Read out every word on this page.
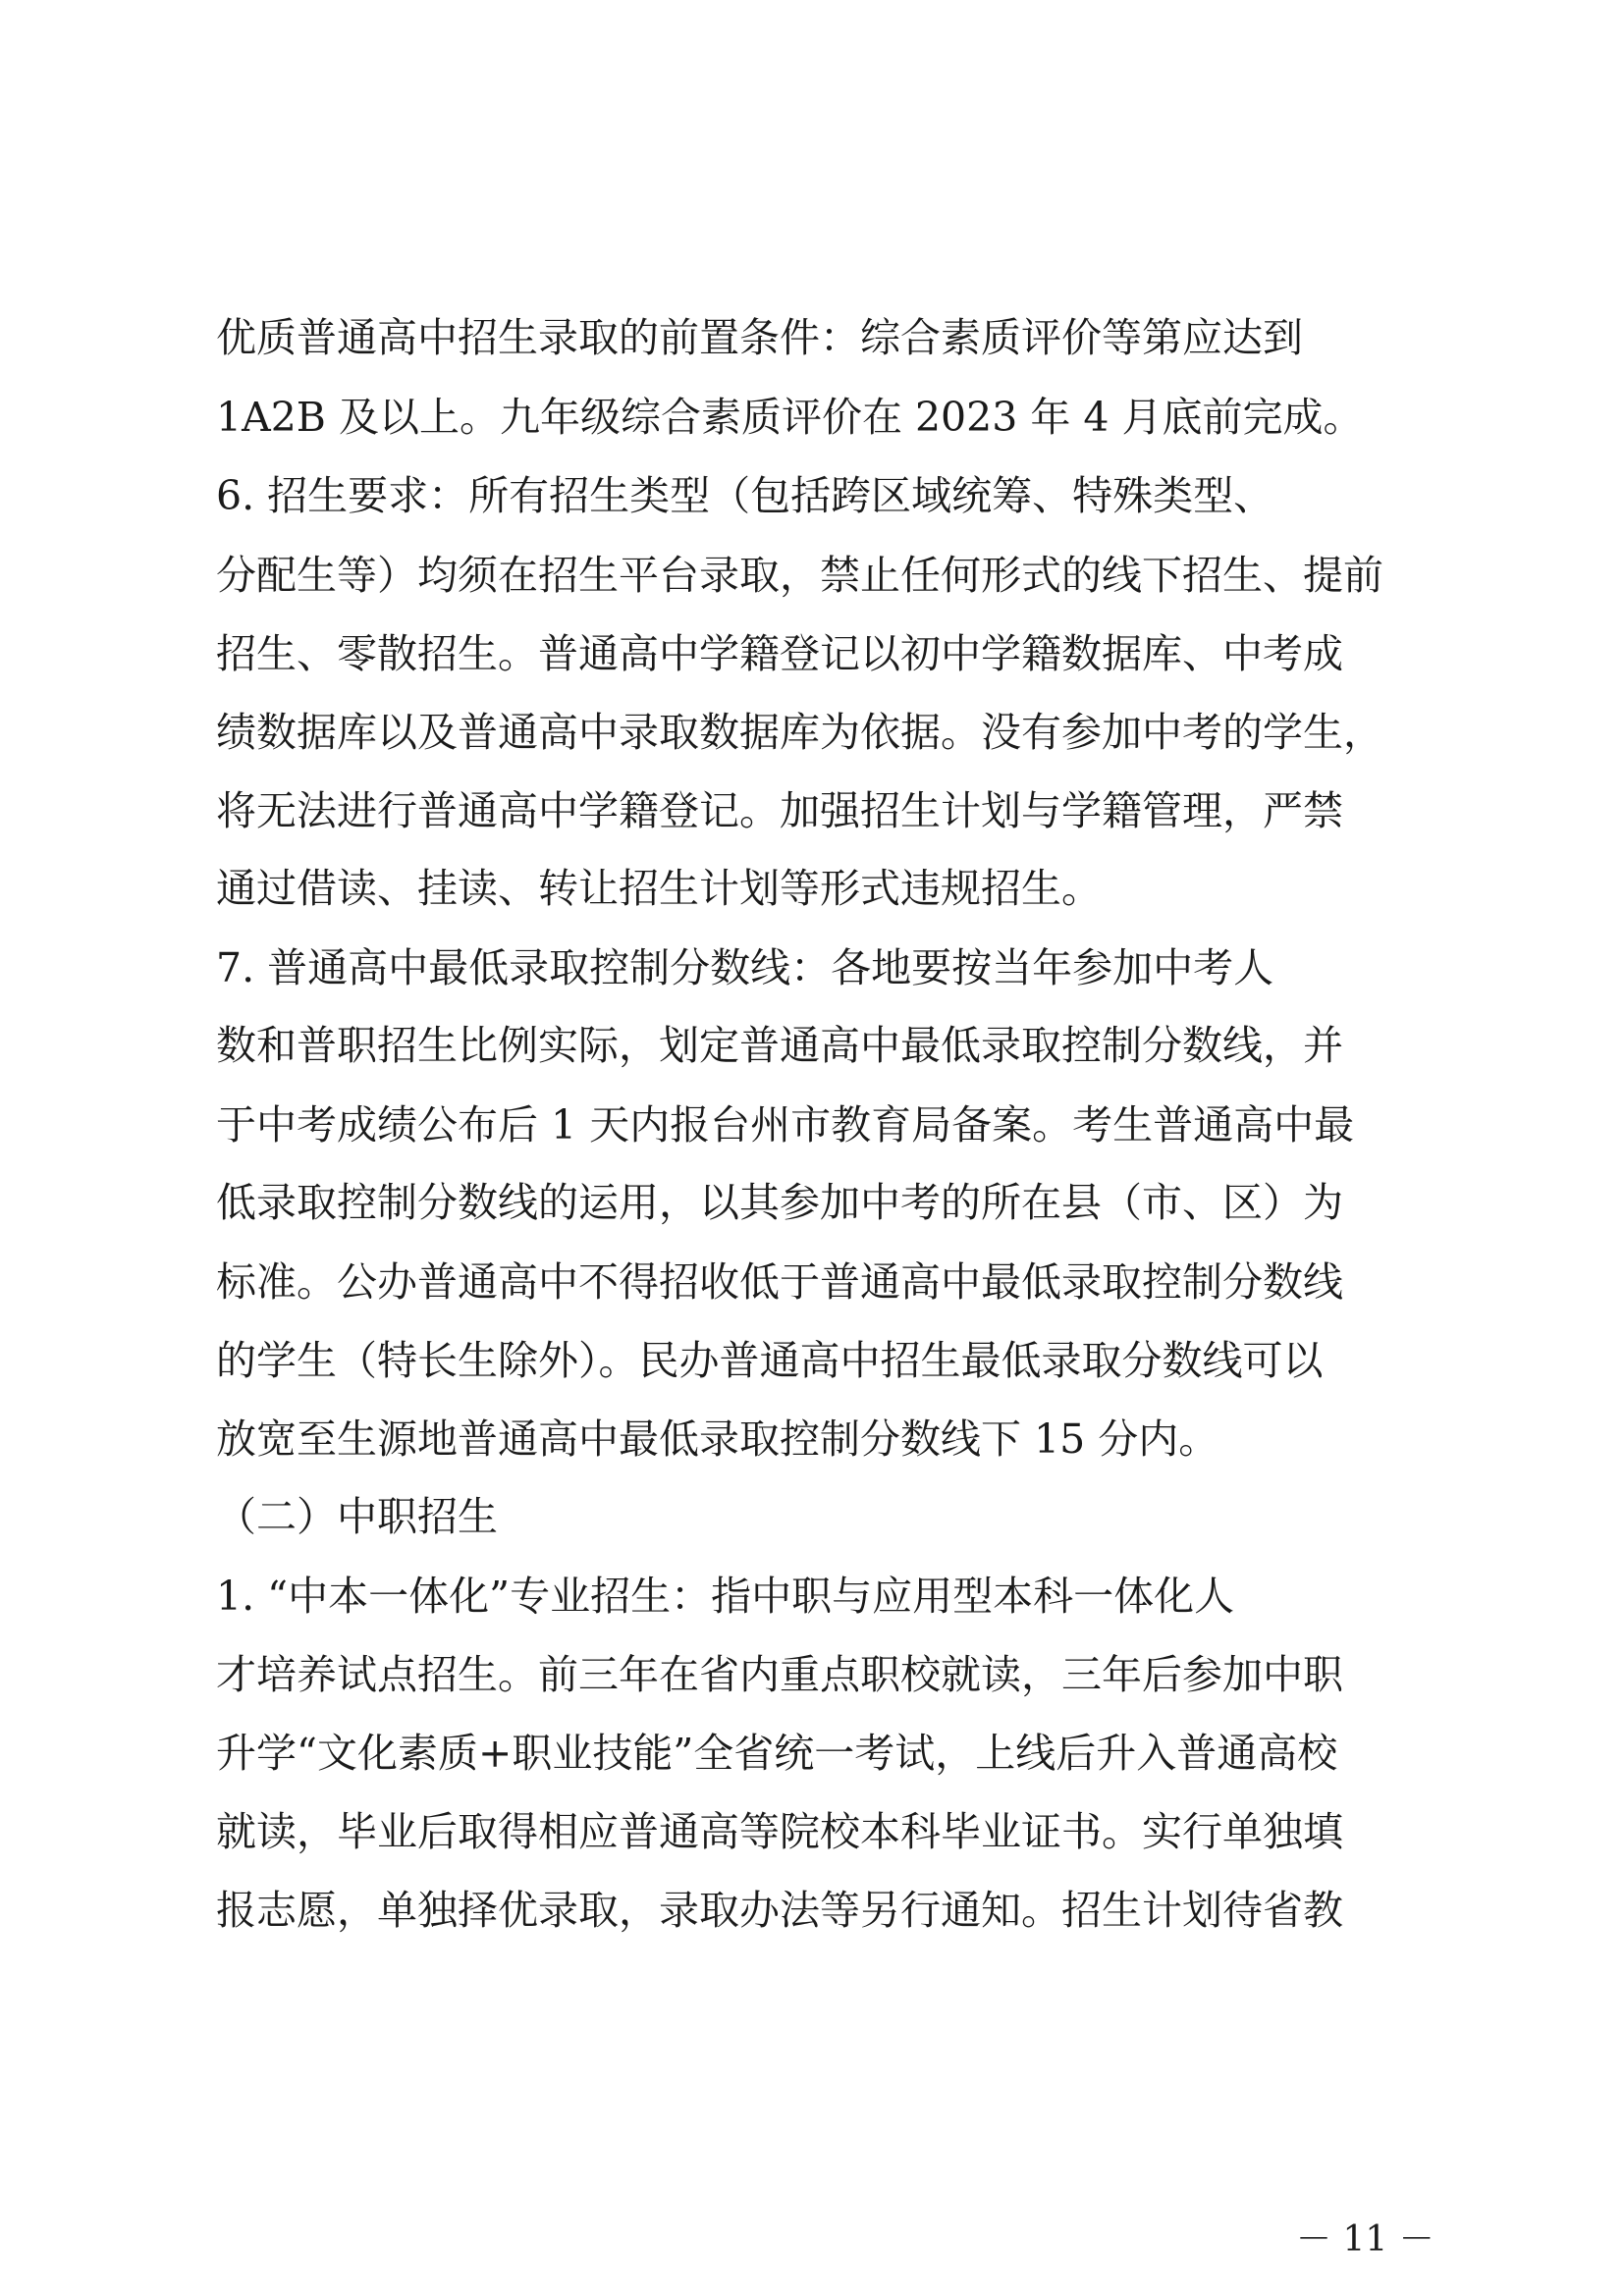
优质普通高中招生录取的前置条件：综合素质评价等第应达到

1A2B 及以上。九年级综合素质评价在 2023 年 4 月底前完成。

6. 招生要求：所有招生类型（包括跨区域统筹、特殊类型、

分配生等）均须在招生平台录取，禁止任何形式的线下招生、提前

招生、零散招生。普通高中学籍登记以初中学籍数据库、中考成

绩数据库以及普通高中录取数据库为依据。没有参加中考的学生，

将无法进行普通高中学籍登记。加强招生计划与学籍管理，严禁

通过借读、挂读、转让招生计划等形式违规招生。

7. 普通高中最低录取控制分数线：各地要按当年参加中考人

数和普职招生比例实际，划定普通高中最低录取控制分数线，并

于中考成绩公布后 1 天内报台州市教育局备案。考生普通高中最

低录取控制分数线的运用，以其参加中考的所在县（市、区）为

标准。公办普通高中不得招收低于普通高中最低录取控制分数线

的学生（特长生除外）。民办普通高中招生最低录取分数线可以

放宽至生源地普通高中最低录取控制分数线下 15 分内。

（二）中职招生

1. “中本一体化”专业招生：指中职与应用型本科一体化人

才培养试点招生。前三年在省内重点职校就读，三年后参加中职

升学“文化素质+职业技能”全省统一考试，上线后升入普通高校

就读，毕业后取得相应普通高等院校本科毕业证书。实行单独填

报志愿，单独择优录取，录取办法等另行通知。招生计划待省教

－ 11 －
